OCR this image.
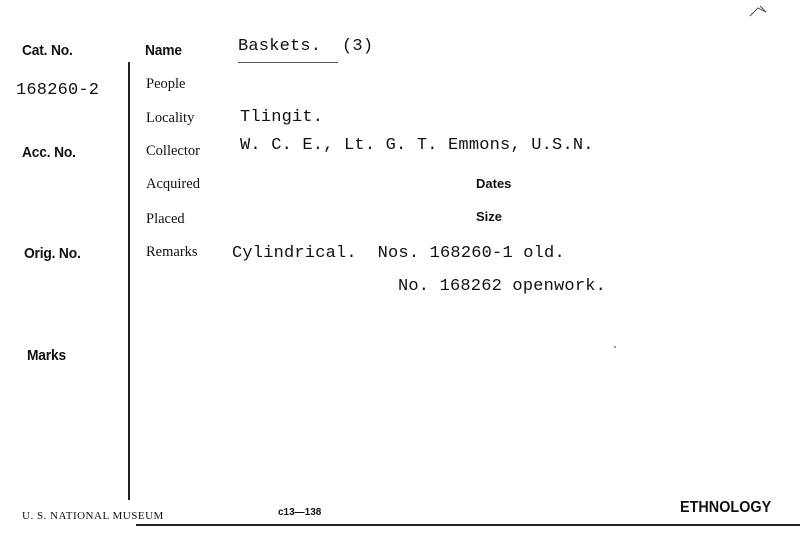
Cat. No.
168260-2
Acc. No.
Orig. No.
Marks
Name
People
Locality
Collector
Acquired
Placed
Remarks
Dates
Size
Baskets.  (3)
Tlingit.
W. C. E., Lt. G. T. Emmons, U.S.N.
Cylindrical.  Nos. 168260-1 old.
No. 168262 openwork.
U. S. NATIONAL MUSEUM	c13—138	ETHNOLOGY
